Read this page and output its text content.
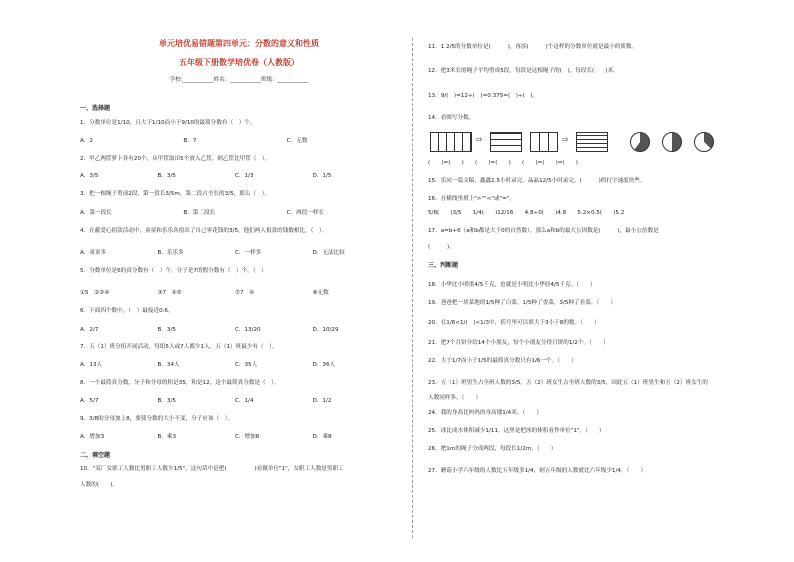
单元培优易错题第四单元：分数的意义和性质
五年级下册数学培优卷（人教版）
学校:___________姓名：___________班级：___________
一、选择题
1．分数单位是1/10，且大于1/10而小于9/10的最简分数有（　）个。
A．2	B．7	C．无数
2．甲乙两筐萝卜各有20个，从甲筐取出5个放入乙筐，则乙筐比甲筐（　）。
A．3/5	B．3/5	C．1/3	D．1/5
3．把一根绳子剪成2段，第一段长3/5m，第二段占全长的3/5，那么（　）。
A．第一段长	B．第二段长	C．两段一样长
4．在献爱心捐款活动中，童童和乐乐各捐出了自己零花钱的3/5，他们两人捐款的钱数相比，（　）。
A．童童多	B．乐乐多	C．一样多	D．无法比较
5．分数单位是6的真分数有（　）个，分子是7的假分数有（　）个。（　）
①5　②③④	③7　④⑤	⑦7　④	⑧无数
6．下面四个数中，（　）最接近0.6。
A．2/7	B．3/5	C．13/20	D．10/29
7．五（1）班分组开展活动，每组5人或7人都少1人，五（1）班最少有（　）。
A．13人	B．34人	C．35人	D．36人
8．一个最简真分数，分子和分母的积是35，和是12，这个最简真分数是（　）。
A．5/7	B．3/5	C．1/4	D．1/2
9．3/8的分母加上8，要使分数的大小不变，分子应该（　）。
A．增加3	B．乘3	C．增加8	D．乘8
二、填空题
10．"某厂女职工人数比男职工人数少1/5"，这句话中是把(　　　　　)看做单位"1"，女职工人数是男职工
人数的(　　)。
11．1 2/5的分数单位是(　　　)，再添(　　　)个这样的分数单位就是最小的质数。
12．把3米长的绳子平均剪成5段，每段是这根绳子的(　)，每段长(　　)米。
13．9/(　)=12÷(　)=0.375=(　)÷(　)。
14．看图写分数。
(　　)=(　　)　　(　　)=(　　)　　(　　)=(　　)=(　　)
15．乐同一篇文稿，鑫鑫2.5小时录完，晶晶12/5小时录完，(　　　)的打字速度快些。
16．在横线里填上">""<"或"="。
5/8(　　)3/5　　1/4(　　)12/16　　4.8÷0(　　)4.8　　5.2×0.5(　　)5.2
17．a=b+6（a和b都是大于0的自然数），那么a和b的最大公因数是(　　　)，最小公倍数是
(　　　)。
三、判断题
18．小华比小明重4/5千克，也就是小明比小华轻4/5千克。（　　）
19．爸爸把一块菜地的1/5种了白菜，1/5种了香菜，3/5种了韭菜。（　　）
20．在1/6<1/(　)<1/3中，括号里可以填大于3小于8的数。（　　）
21．把7个月饼分给14个小朋友，每个小朋友分得月饼的1/2个。（　　）
22．大于1/7而小于1/5的最简真分数只有1/6一个。（　　）
23．五（1）班男生占全班人数的3/5，五（2）班女生占全班人数的3/5，因此五（1）班男生和五（2）班女生的
人数同样多。（　　）
24．我的身高比妈妈的身高矮1/4米。（　　）
25．冰比成水体积减少1/11，这里是把冰的体积看作单位"1"。（　　）
26．把1m的绳子分成两段，每段长1/2m。（　　）
27．蘑菇小学六年级的人数比五年级多1/4，则五年级的人数就比六年级少1/4。（　　）
⇨	⇨
